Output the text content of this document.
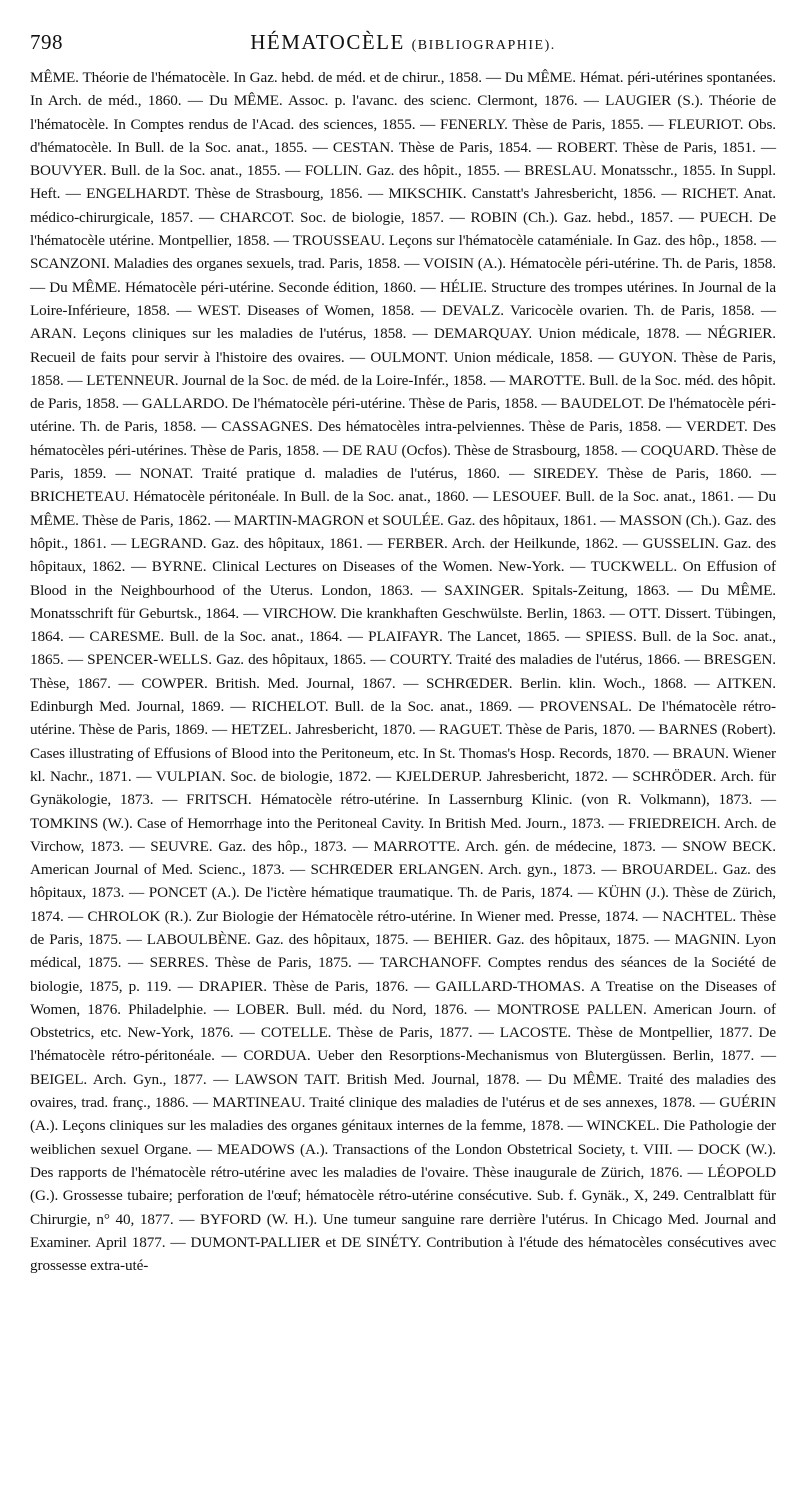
798	HÉMATOCÈLE (BIBLIOGRAPHIE).

MÊME. Théorie de l'hématocèle. In Gaz. hebd. de méd. et de chirur., 1858. — Du MÊME. Hémat. péri-utérines spontanées. In Arch. de méd., 1860. — Du MÊME. Assoc. p. l'avanc. des scienc. Clermont, 1876. — LAUGIER (S.). Théorie de l'hématocèle. In Comptes rendus de l'Acad. des sciences, 1855. — FENERLY. Thèse de Paris, 1855. — FLEURIOT. Obs. d'hématocèle. In Bull. de la Soc. anat., 1855. — CESTAN. Thèse de Paris, 1854. — ROBERT. Thèse de Paris, 1851. — BOUVYER. Bull. de la Soc. anat., 1855. — FOLLIN. Gaz. des hôpit., 1855. — BRESLAU. Monatsschr., 1855. In Suppl. Heft. — ENGELHARDT. Thèse de Strasbourg, 1856. — MIKSCHIK. Canstatt's Jahresbericht, 1856. — RICHET. Anat. médico-chirurgicale, 1857. — CHARCOT. Soc. de biologie, 1857. — ROBIN (Ch.). Gaz. hebd., 1857. — PUECH. De l'hématocèle utérine. Montpellier, 1858. — TROUSSEAU. Leçons sur l'hématocèle cataméniale. In Gaz. des hôp., 1858. — SCANZONI. Maladies des organes sexuels, trad. Paris, 1858. — VOISIN (A.). Hématocèle péri-utérine. Th. de Paris, 1858. — Du MÊME. Hématocèle péri-utérine. Seconde édition, 1860. — HÉLIE. Structure des trompes utérines. In Journal de la Loire-Inférieure, 1858. — WEST. Diseases of Women, 1858. — DEVALZ. Varicocèle ovarien. Th. de Paris, 1858. — ARAN. Leçons cliniques sur les maladies de l'utérus, 1858. — DEMARQUAY. Union médicale, 1878. — NÉGRIER. Recueil de faits pour servir à l'histoire des ovaires. — OULMONT. Union médicale, 1858. — GUYON. Thèse de Paris, 1858. — LETENNEUR. Journal de la Soc. de méd. de la Loire-Infér., 1858. — MAROTTE. Bull. de la Soc. méd. des hôpit. de Paris, 1858. — GALLARDO. De l'hématocèle péri-utérine. Thèse de Paris, 1858. — BAUDELOT. De l'hématocèle péri-utérine. Th. de Paris, 1858. — CASSAGNES. Des hématocèles intra-pelviennes. Thèse de Paris, 1858. — VERDET. Des hématocèles péri-utérines. Thèse de Paris, 1858. — DE RAU (Ocfos). Thèse de Strasbourg, 1858. — COQUARD. Thèse de Paris, 1859. — NONAT. Traité pratique d. maladies de l'utérus, 1860. — SIREDEY. Thèse de Paris, 1860. — BRICHETEAU. Hématocèle péritonéale. In Bull. de la Soc. anat., 1860. — LESOUEF. Bull. de la Soc. anat., 1861. — Du MÊME. Thèse de Paris, 1862. — MARTIN-MAGRON et SOULÉE. Gaz. des hôpitaux, 1861. — MASSON (Ch.). Gaz. des hôpit., 1861. — LEGRAND. Gaz. des hôpitaux, 1861. — FERBER. Arch. der Heilkunde, 1862. — GUSSELIN. Gaz. des hôpitaux, 1862. — BYRNE. Clinical Lectures on Diseases of the Women. New-York. — TUCKWELL. On Effusion of Blood in the Neighbourhood of the Uterus. London, 1863. — SAXINGER. Spitals-Zeitung, 1863. — Du MÊME. Monatsschrift für Geburtsk., 1864. — VIRCHOW. Die krankhaften Geschwülste. Berlin, 1863. — OTT. Dissert. Tübingen, 1864. — CARESME. Bull. de la Soc. anat., 1864. — PLAIFAYR. The Lancet, 1865. — SPIESS. Bull. de la Soc. anat., 1865. — SPENCER-WELLS. Gaz. des hôpitaux, 1865. — COURTY. Traité des maladies de l'utérus, 1866. — BRESGEN. Thèse, 1867. — COWPER. British. Med. Journal, 1867. — SCHRŒDER. Berlin. klin. Woch., 1868. — AITKEN. Edinburgh Med. Journal, 1869. — RICHELOT. Bull. de la Soc. anat., 1869. — PROVENSAL. De l'hématocèle rétro-utérine. Thèse de Paris, 1869. — HETZEL. Jahresbericht, 1870. — RAGUET. Thèse de Paris, 1870. — BARNES (Robert). Cases illustrating of Effusions of Blood into the Peritoneum, etc. In St. Thomas's Hosp. Records, 1870. — BRAUN. Wiener kl. Nachr., 1871. — VULPIAN. Soc. de biologie, 1872. — KJELDERUP. Jahresbericht, 1872. — SCHRÖDER. Arch. für Gynäkologie, 1873. — FRITSCH. Hématocèle rétro-utérine. In Lassernburg Klinic. (von R. Volkmann), 1873. — TOMKINS (W.). Case of Hemorrhage into the Peritoneal Cavity. In British Med. Journ., 1873. — FRIEDREICH. Arch. de Virchow, 1873. — SEUVRE. Gaz. des hôp., 1873. — MARROTTE. Arch. gén. de médecine, 1873. — SNOW BECK. American Journal of Med. Scienc., 1873. — SCHRŒDER ERLANGEN. Arch. gyn., 1873. — BROUARDEL. Gaz. des hôpitaux, 1873. — PONCET (A.). De l'ictère hématique traumatique. Th. de Paris, 1874. — KÜHN (J.). Thèse de Zürich, 1874. — CHROLOK (R.). Zur Biologie der Hématocèle rétro-utérine. In Wiener med. Presse, 1874. — NACHTEL. Thèse de Paris, 1875. — LABOULBÈNE. Gaz. des hôpitaux, 1875. — BEHIER. Gaz. des hôpitaux, 1875. — MAGNIN. Lyon médical, 1875. — SERRES. Thèse de Paris, 1875. — TARCHANOFF. Comptes rendus des séances de la Société de biologie, 1875, p. 119. — DRAPIER. Thèse de Paris, 1876. — GAILLARD-THOMAS. A Treatise on the Diseases of Women, 1876. Philadelphie. — LOBER. Bull. méd. du Nord, 1876. — MONTROSE PALLEN. American Journ. of Obstetrics, etc. New-York, 1876. — COTELLE. Thèse de Paris, 1877. — LACOSTE. Thèse de Montpellier, 1877. De l'hématocèle rétro-péritonéale. — CORDUA. Ueber den Resorptions-Mechanismus von Blutergüssen. Berlin, 1877. — BEIGEL. Arch. Gyn., 1877. — LAWSON TAIT. British Med. Journal, 1878. — Du MÊME. Traité des maladies des ovaires, trad. franç., 1886. — MARTINEAU. Traité clinique des maladies de l'utérus et de ses annexes, 1878. — GUÉRIN (A.). Leçons cliniques sur les maladies des organes génitaux internes de la femme, 1878. — WINCKEL. Die Pathologie der weiblichen sexuel Organe. — MEADOWS (A.). Transactions of the London Obstetrical Society, t. VIII. — DOCK (W.). Des rapports de l'hématocèle rétro-utérine avec les maladies de l'ovaire. Thèse inaugurale de Zürich, 1876. — LÉOPOLD (G.). Grossesse tubaire; perforation de l'œuf; hématocèle rétro-utérine consécutive. Sub. f. Gynäk., X, 249. Centralblatt für Chirurgie, n° 40, 1877. — BYFORD (W. H.). Une tumeur sanguine rare derrière l'utérus. In Chicago Med. Journal and Examiner. April 1877. — DUMONT-PALLIER et DE SINÉTY. Contribution à l'étude des hématocèles consécutives avec grossesse extra-uté-
